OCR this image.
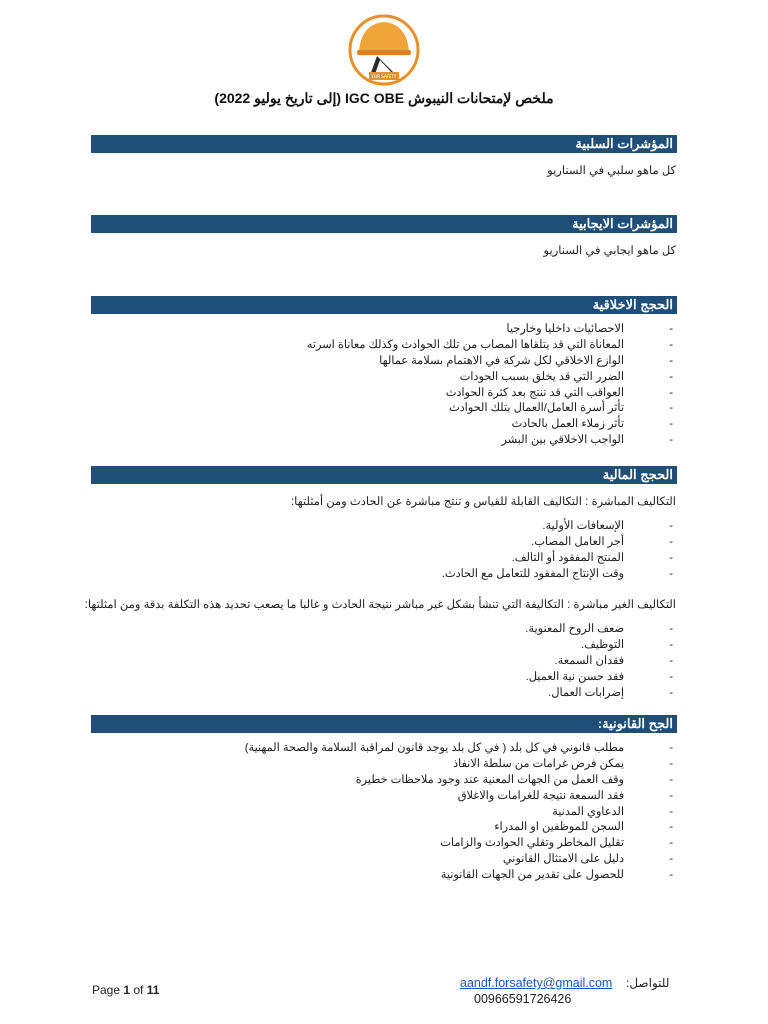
FOR SAFETY
ملخص لإمتحانات النيبوش IGC OBE (إلى تاريخ يوليو 2022)
المؤشرات السلبية
كل ماهو سلبي في السناريو
المؤشرات الايجابية
كل ماهو ايجابي في السناريو
الحجج الاخلاقية
-
الاحصائيات داخليا وخارجيا
-
المعاناة التي قد يتلقاها المصاب من تلك الحوادث وكذلك معاناة اسرته
-
الوازع الاخلاقي لكل شركة في الاهتمام بسلامة عمالها
-
الضرر التي قد يخلق بسبب الحودات
-
العواقب التي قد تنتج بعد كثرة الحوادث
-
تأثر أسرة العامل/العمال بتلك الحوادث
-
تأثر زملاء العمل بالحادث
-
الواجب الاخلاقي بين البشر
الحجج المالية
التكاليف المباشرة : التكاليف القابلة للقياس و تنتج مباشرة عن الحادث ومن أمثلتها:
-
الإسعافات الأولية.
-
أجر العامل المصاب.
-
المنتج المفقود أو التالف.
-
وقت الإنتاج المفقود للتعامل مع الحادث.
التكاليف الغير مباشرة : التكاليفة التي تنشأ بشكل غير مباشر نتيجة الحادث و غالبا ما يصعب تحديد هذه التكلفة بدقة ومن امثلتها:
-
ضعف الروح المعنوية.
-
التوظيف.
-
فقدان السمعة.
-
فقد حسن نية العميل.
-
إضرابات العمال.
الجح القانونية:
-
مطلب قانوني في كل بلد ( في كل بلد يوجد قانون لمراقبة السلامة والصحة المهنية)
-
يمكن فرض غرامات من سلطة الانفاذ
-
وقف العمل من الجهات المعنية عند وجود ملاحظات خطيرة
-
فقد السمعة نتيجة للغرامات والاغلاق
-
الدعاوي المدنية
-
السجن للموظفين او المدراء
-
تقليل المخاطر وتقلي الحوادث والزامات
-
دليل على الامتثال القانوني
-
للحصول على تقدير من الجهات القانونية
Page 1 of 11	للتواصل:
aandf.forsafety@gmail.com
00966591726426
